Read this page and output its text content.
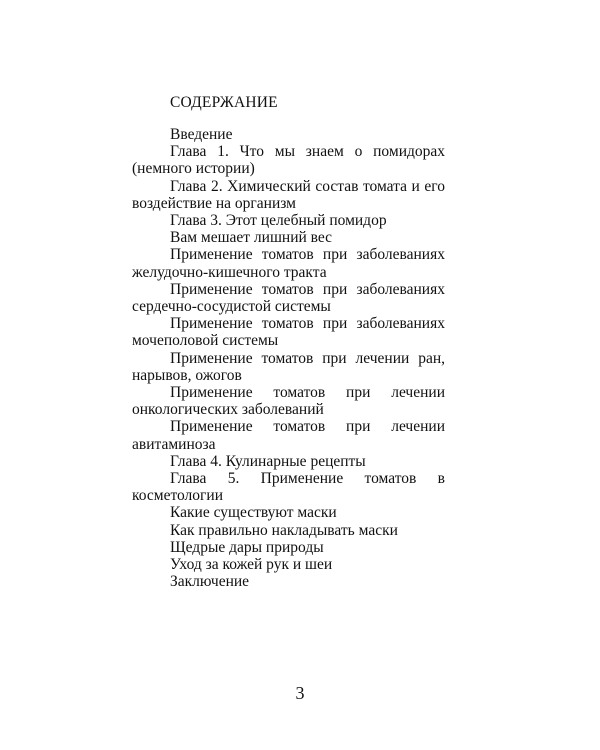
СОДЕРЖАНИЕ
Введение
Глава 1. Что мы знаем о помидорах (немного истории)
Глава 2. Химический состав томата и его воздействие на организм
Глава 3. Этот целебный помидор
Вам мешает лишний вес
Применение томатов при заболеваниях желудочно-кишечного тракта
Применение томатов при заболеваниях сердечно-сосудистой системы
Применение томатов при заболеваниях мочеполовой системы
Применение томатов при лечении ран, нарывов, ожогов
Применение томатов при лечении онкологических заболеваний
Применение томатов при лечении авитаминоза
Глава 4. Кулинарные рецепты
Глава 5. Применение томатов в косметологии
Какие существуют маски
Как правильно накладывать маски
Щедрые дары природы
Уход за кожей рук и шеи
Заключение
3
